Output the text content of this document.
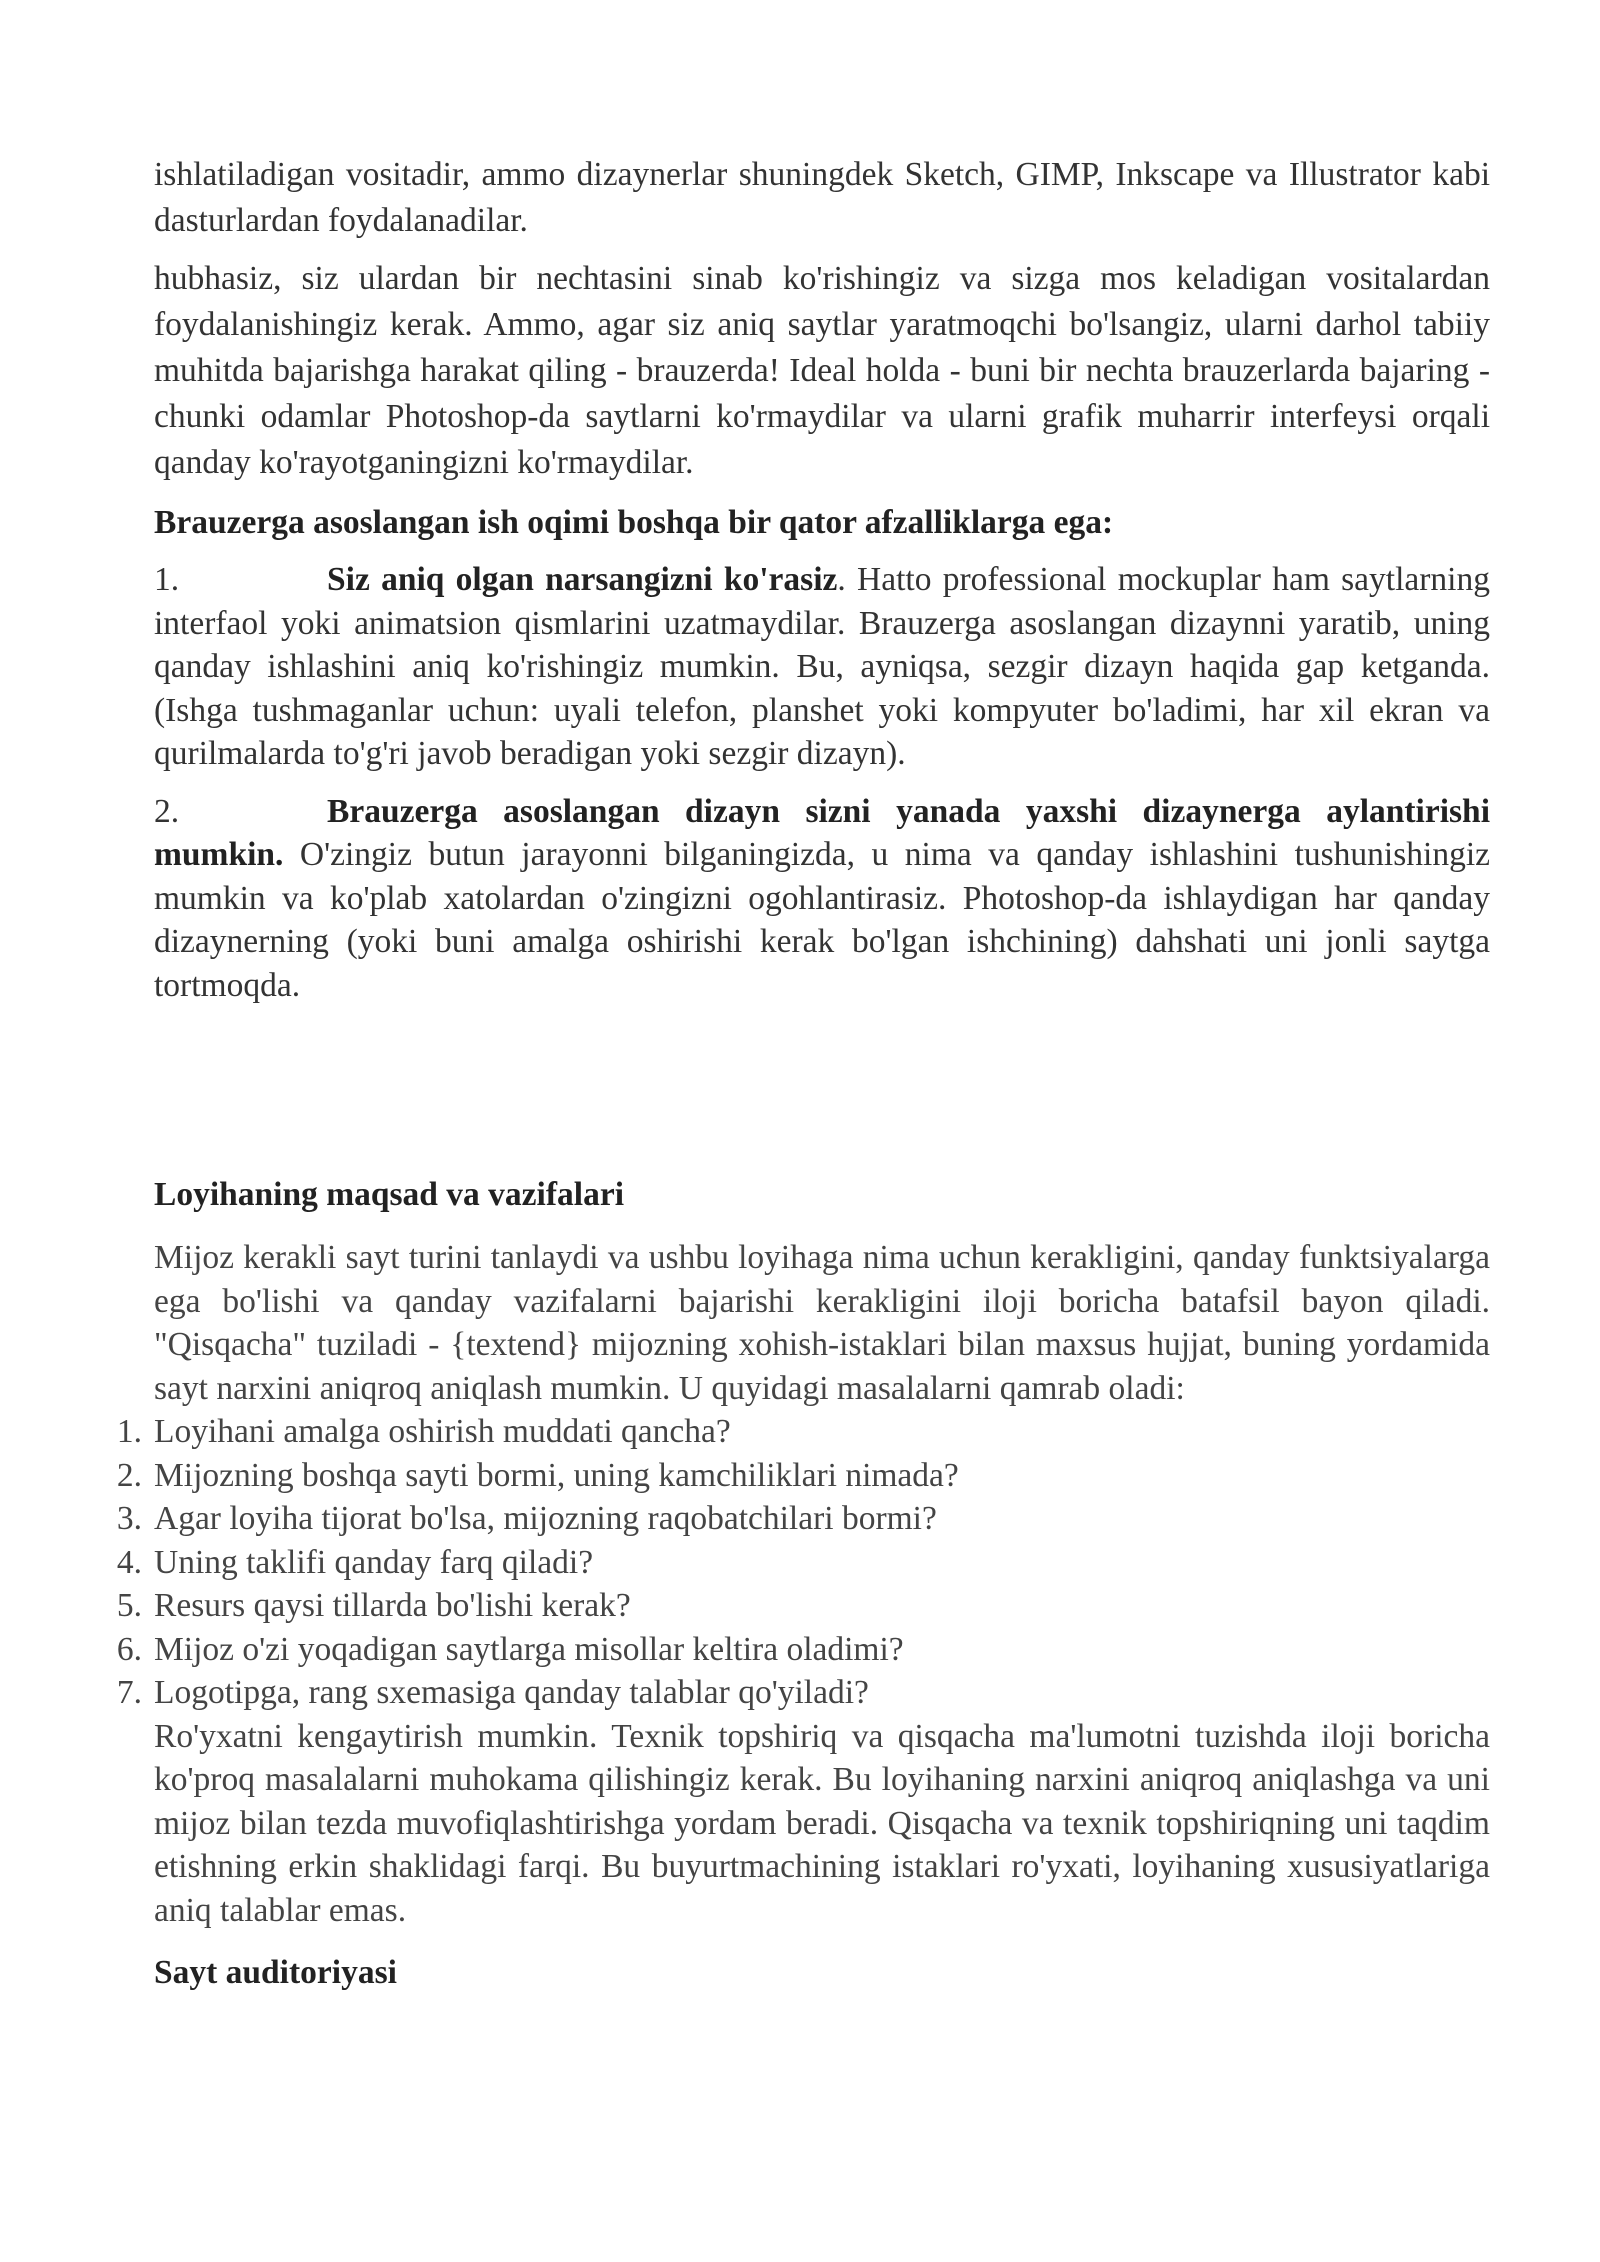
ishlatiladigan vositadir, ammo dizaynerlar shuningdek Sketch, GIMP, Inkscape va Illustrator kabi dasturlardan foydalanadilar.

hubhasiz, siz ulardan bir nechtasini sinab ko'rishingiz va sizga mos keladigan vositalardan foydalanishingiz kerak. Ammo, agar siz aniq saytlar yaratmoqchi bo'lsangiz, ularni darhol tabiiy muhitda bajarishga harakat qiling - brauzerda! Ideal holda - buni bir nechta brauzerlarda bajaring - chunki odamlar Photoshop-da saytlarni ko'rmaydilar va ularni grafik muharrir interfeysi orqali qanday ko'rayotganingizni ko'rmaydilar.

Brauzerga asoslangan ish oqimi boshqa bir qator afzalliklarga ega:
1.	Siz aniq olgan narsangizni ko'rasiz. Hatto professional mockuplar ham saytlarning interfaol yoki animatsion qismlarini uzatmaydilar. Brauzerga asoslangan dizaynni yaratib, uning qanday ishlashini aniq ko'rishingiz mumkin. Bu, ayniqsa, sezgir dizayn haqida gap ketganda. (Ishga tushmaganlar uchun: uyali telefon, planshet yoki kompyuter bo'ladimi, har xil ekran va qurilmalarda to'g'ri javob beradigan yoki sezgir dizayn).
2.	Brauzerga asoslangan dizayn sizni yanada yaxshi dizaynerga aylantirishi mumkin. O'zingiz butun jarayonni bilganingizda, u nima va qanday ishlashini tushunishingiz mumkin va ko'plab xatolardan o'zingizni ogohlantirasiz. Photoshop-da ishlaydigan har qanday dizaynerning (yoki buni amalga oshirishi kerak bo'lgan ishchining) dahshati uni jonli saytga tortmoqda.
Loyihaning maqsad va vazifalari

Mijoz kerakli sayt turini tanlaydi va ushbu loyihaga nima uchun kerakligini, qanday funktsiyalarga ega bo'lishi va qanday vazifalarni bajarishi kerakligini iloji boricha batafsil bayon qiladi. "Qisqacha" tuziladi - {textend} mijozning xohish-istaklari bilan maxsus hujjat, buning yordamida sayt narxini aniqroq aniqlash mumkin. U quyidagi masalalarni qamrab oladi:

1. Loyihani amalga oshirish muddati qancha?
2. Mijozning boshqa sayti bormi, uning kamchiliklari nimada?
3. Agar loyiha tijorat bo'lsa, mijozning raqobatchilari bormi?
4. Uning taklifi qanday farq qiladi?
5. Resurs qaysi tillarda bo'lishi kerak?
6. Mijoz o'zi yoqadigan saytlarga misollar keltira oladimi?
7. Logotipga, rang sxemasiga qanday talablar qo'yiladi?

Ro'yxatni kengaytirish mumkin. Texnik topshiriq va qisqacha ma'lumotni tuzishda iloji boricha ko'proq masalalarni muhokama qilishingiz kerak. Bu loyihaning narxini aniqroq aniqlashga va uni mijoz bilan tezda muvofiqlashtirishga yordam beradi. Qisqacha va texnik topshiriqning uni taqdim etishning erkin shaklidagi farqi. Bu buyurtmachining istaklari ro'yxati, loyihaning xususiyatlariga aniq talablar emas.

Sayt auditoriyasi
